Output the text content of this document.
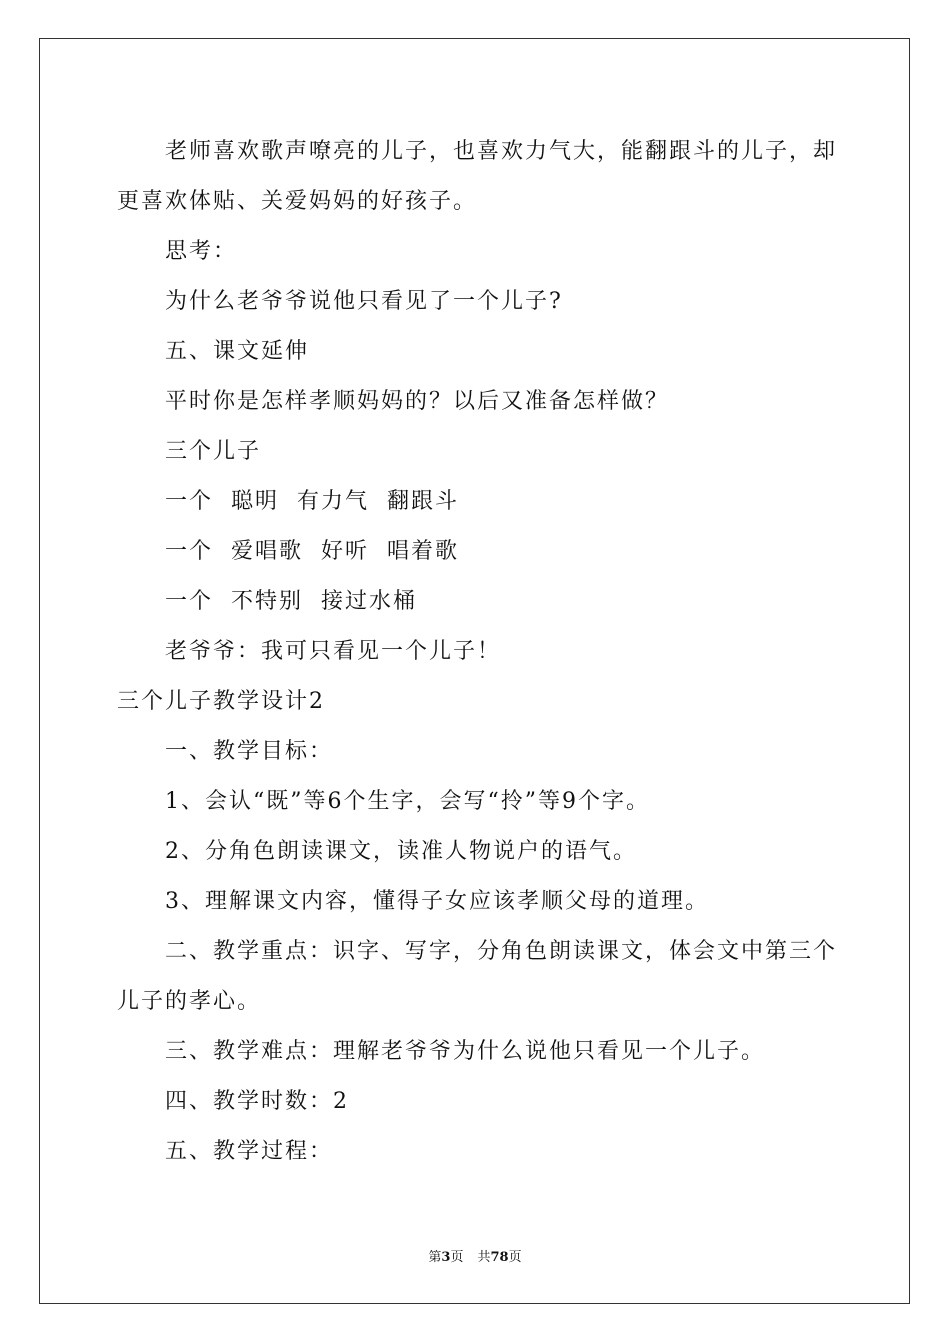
老师喜欢歌声嘹亮的儿子，也喜欢力气大，能翻跟斗的儿子，却
更喜欢体贴、关爱妈妈的好孩子。
思考：
为什么老爷爷说他只看见了一个儿子?
五、课文延伸
平时你是怎样孝顺妈妈的？以后又准备怎样做？
三个儿子
一个  聪明  有力气  翻跟斗
一个  爱唱歌  好听  唱着歌
一个  不特别  接过水桶
老爷爷：我可只看见一个儿子！
三个儿子教学设计2
一、教学目标：
1、会认“既”等6个生字，会写“拎”等9个字。
2、分角色朗读课文，读准人物说户的语气。
3、理解课文内容，懂得子女应该孝顺父母的道理。
二、教学重点：识字、写字，分角色朗读课文，体会文中第三个
儿子的孝心。
三、教学难点：理解老爷爷为什么说他只看见一个儿子。
四、教学时数：2
五、教学过程：
第3页 共78页
